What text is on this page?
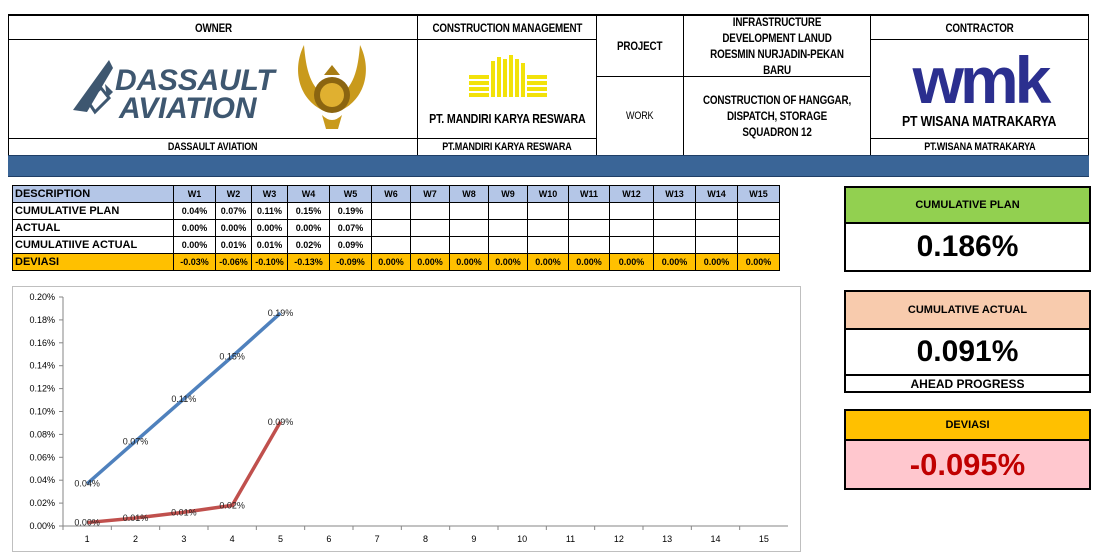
OWNER
DASSAULT
AVIATION
DASSAULT AVIATION
CONSTRUCTION MANAGEMENT
PT. MANDIRI KARYA RESWARA
PT.MANDIRI KARYA RESWARA
PROJECT
INFRASTRUCTURE DEVELOPMENT LANUD ROESMIN NURJADIN-PEKAN BARU
WORK
CONSTRUCTION OF HANGGAR, DISPATCH, STORAGE SQUADRON 12
CONTRACTOR
wmk
PT WISANA MATRAKARYA
PT.WISANA MATRAKARYA
DESCRIPTION	W1	W2	W3	W4	W5	W6	W7	W8	W9	W10	W11	W12	W13	W14	W15
CUMULATIVE PLAN	0.04%	0.07%	0.11%	0.15%	0.19%										
ACTUAL	0.00%	0.00%	0.00%	0.00%	0.07%										
CUMULATIIVE ACTUAL	0.00%	0.01%	0.01%	0.02%	0.09%										
DEVIASI	-0.03%	-0.06%	-0.10%	-0.13%	-0.09%	0.00%	0.00%	0.00%	0.00%	0.00%	0.00%	0.00%	0.00%	0.00%	0.00%
0.00%
0.02%
0.04%
0.06%
0.08%
0.10%
0.12%
0.14%
0.16%
0.18%
0.20%
1	2	3	4	5	6	7	8	9	10	11	12	13	14	15
0.04%
0.07%
0.11%
0.15%
0.19%
0.00%	0.01%
0.01%
0.02%
0.09%
CUMULATIVE PLAN
0.186%
CUMULATIVE ACTUAL
0.091%
AHEAD PROGRESS
DEVIASI
-0.095%
